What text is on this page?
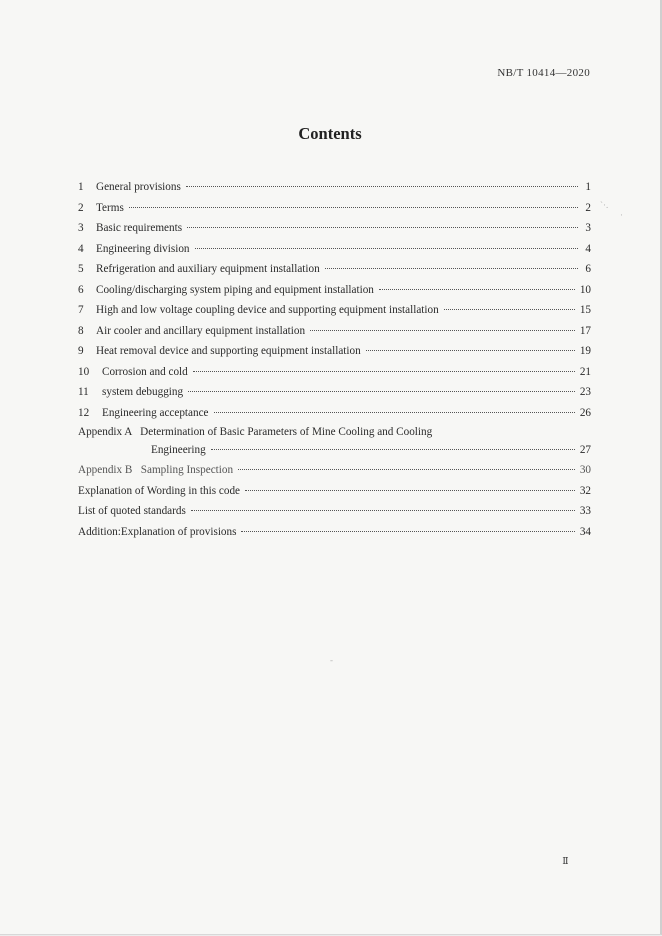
NB/T 10414—2020
Contents
1	General provisions	1
2	Terms	2
3	Basic requirements	3
4	Engineering division	4
5	Refrigeration and auxiliary equipment installation	6
6	Cooling/discharging system piping and equipment installation	10
7	High and low voltage coupling device and supporting equipment installation	15
8	Air cooler and ancillary equipment installation	17
9	Heat removal device and supporting equipment installation	19
10	Corrosion and cold	21
11	system debugging	23
12	Engineering acceptance	26
Appendix A   Determination of Basic Parameters of Mine Cooling and Cooling
Engineering	27
Appendix B   Sampling Inspection	30
Explanation of Wording in this code	32
List of quoted standards	33
Addition:Explanation of provisions	34
`·.
·
-
Ⅱ
